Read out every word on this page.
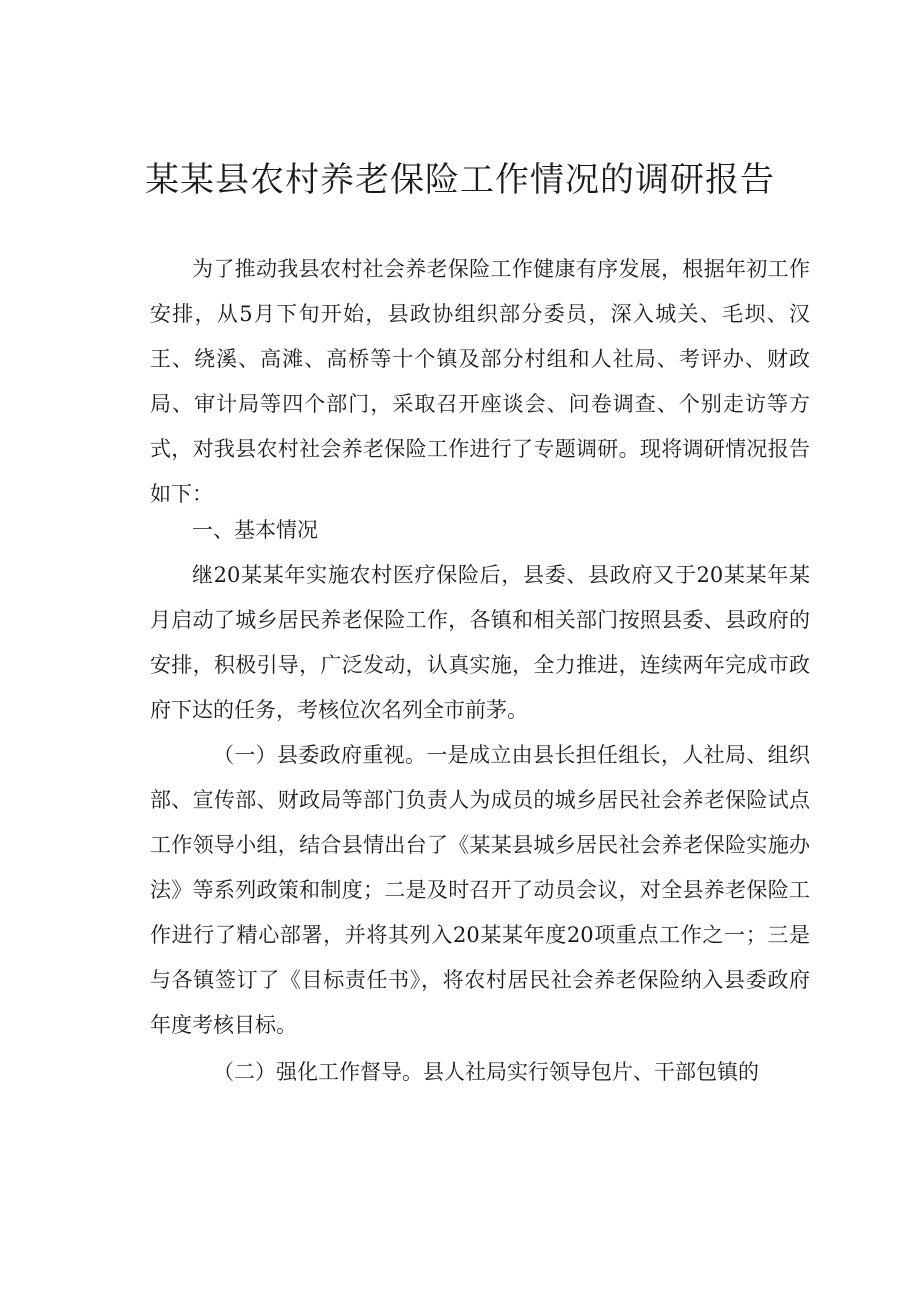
某某县农村养老保险工作情况的调研报告

为了推动我县农村社会养老保险工作健康有序发展，根据年初工作安排，从5月下旬开始，县政协组织部分委员，深入城关、毛坝、汉王、绕溪、高滩、高桥等十个镇及部分村组和人社局、考评办、财政局、审计局等四个部门，采取召开座谈会、问卷调查、个别走访等方式，对我县农村社会养老保险工作进行了专题调研。现将调研情况报告如下：

一、基本情况

继20某某年实施农村医疗保险后，县委、县政府又于20某某年某月启动了城乡居民养老保险工作，各镇和相关部门按照县委、县政府的安排，积极引导，广泛发动，认真实施，全力推进，连续两年完成市政府下达的任务，考核位次名列全市前茅。

（一）县委政府重视。一是成立由县长担任组长，人社局、组织部、宣传部、财政局等部门负责人为成员的城乡居民社会养老保险试点工作领导小组，结合县情出台了《某某县城乡居民社会养老保险实施办法》等系列政策和制度；二是及时召开了动员会议，对全县养老保险工作进行了精心部署，并将其列入20某某年度20项重点工作之一；三是与各镇签订了《目标责任书》，将农村居民社会养老保险纳入县委政府年度考核目标。

（二）强化工作督导。县人社局实行领导包片、干部包镇的
